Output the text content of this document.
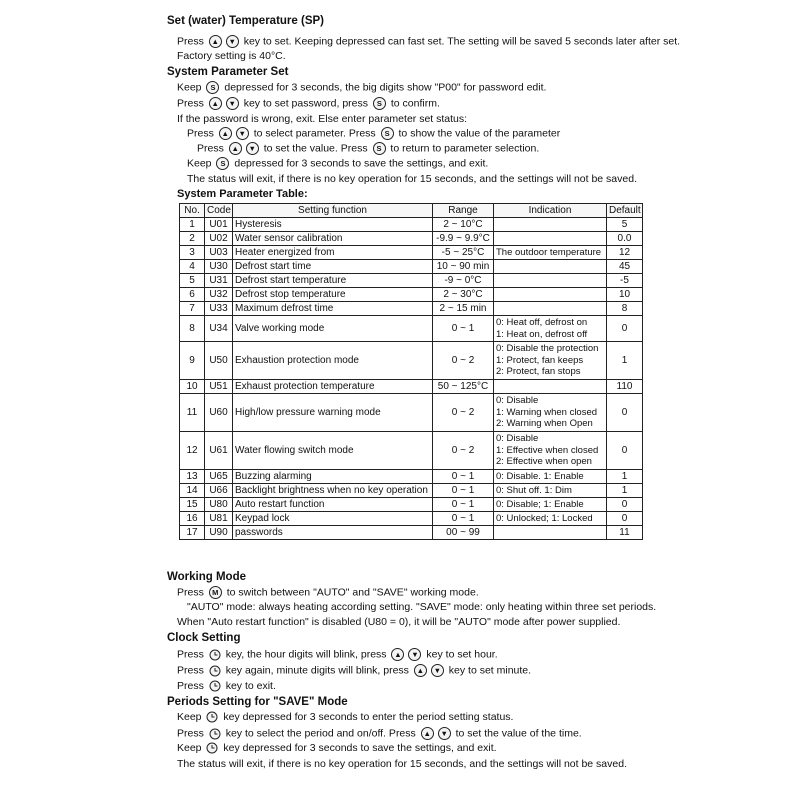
Set (water) Temperature (SP)
Press ▲ ▼ key to set. Keeping depressed can fast set. The setting will be saved 5 seconds later after set.
Factory setting is 40°C.
System Parameter Set
Keep S depressed for 3 seconds, the big digits show "P00" for password edit.
Press ▲ ▼ key to set password, press S to confirm.
If the password is wrong, exit. Else enter parameter set status:
Press ▲ ▼ to select parameter. Press S to show the value of the parameter
Press ▲ ▼ to set the value. Press S to return to parameter selection.
Keep S depressed for 3 seconds to save the settings, and exit.
The status will exit, if there is no key operation for 15 seconds, and the settings will not be saved.
System Parameter Table:
No.	Code	Setting function	Range	Indication	Default
1	U01	Hysteresis	2 ~ 10°C		5
2	U02	Water sensor calibration	-9.9 ~ 9.9°C		0.0
3	U03	Heater energized from	-5 ~ 25°C	The outdoor temperature	12
4	U30	Defrost start time	10 ~ 90 min		45
5	U31	Defrost start temperature	-9 ~ 0°C		-5
6	U32	Defrost stop temperature	2 ~ 30°C		10
7	U33	Maximum defrost time	2 ~ 15 min		8
8	U34	Valve working mode	0 ~ 1	0: Heat off, defrost on
1: Heat on, defrost off	0
9	U50	Exhaustion protection mode	0 ~ 2	0: Disable the protection
1: Protect, fan keeps
2: Protect, fan stops	1
10	U51	Exhaust protection temperature	50 ~ 125°C		110
11	U60	High/low pressure warning mode	0 ~ 2	0: Disable
1: Warning when closed
2: Warning when Open	0
12	U61	Water flowing switch mode	0 ~ 2	0: Disable
1: Effective when closed
2: Effective when open	0
13	U65	Buzzing alarming	0 ~ 1	0: Disable. 1: Enable	1
14	U66	Backlight brightness when no key operation	0 ~ 1	0: Shut off. 1: Dim	1
15	U80	Auto restart function	0 ~ 1	0: Disable; 1: Enable	0
16	U81	Keypad lock	0 ~ 1	0: Unlocked; 1: Locked	0
17	U90	passwords	00 ~ 99		11
Working Mode
Press M to switch between "AUTO" and "SAVE" working mode.
"AUTO" mode: always heating according setting. "SAVE" mode: only heating within three set periods.
When "Auto restart function" is disabled (U80 = 0), it will be "AUTO" mode after power supplied.
Clock Setting
Press key, the hour digits will blink, press ▲ ▼ key to set hour.
Press key again, minute digits will blink, press ▲ ▼ key to set minute.
Press key to exit.
Periods Setting for "SAVE" Mode
Keep key depressed for 3 seconds to enter the period setting status.
Press key to select the period and on/off. Press ▲ ▼ to set the value of the time.
Keep key depressed for 3 seconds to save the settings, and exit.
The status will exit, if there is no key operation for 15 seconds, and the settings will not be saved.
